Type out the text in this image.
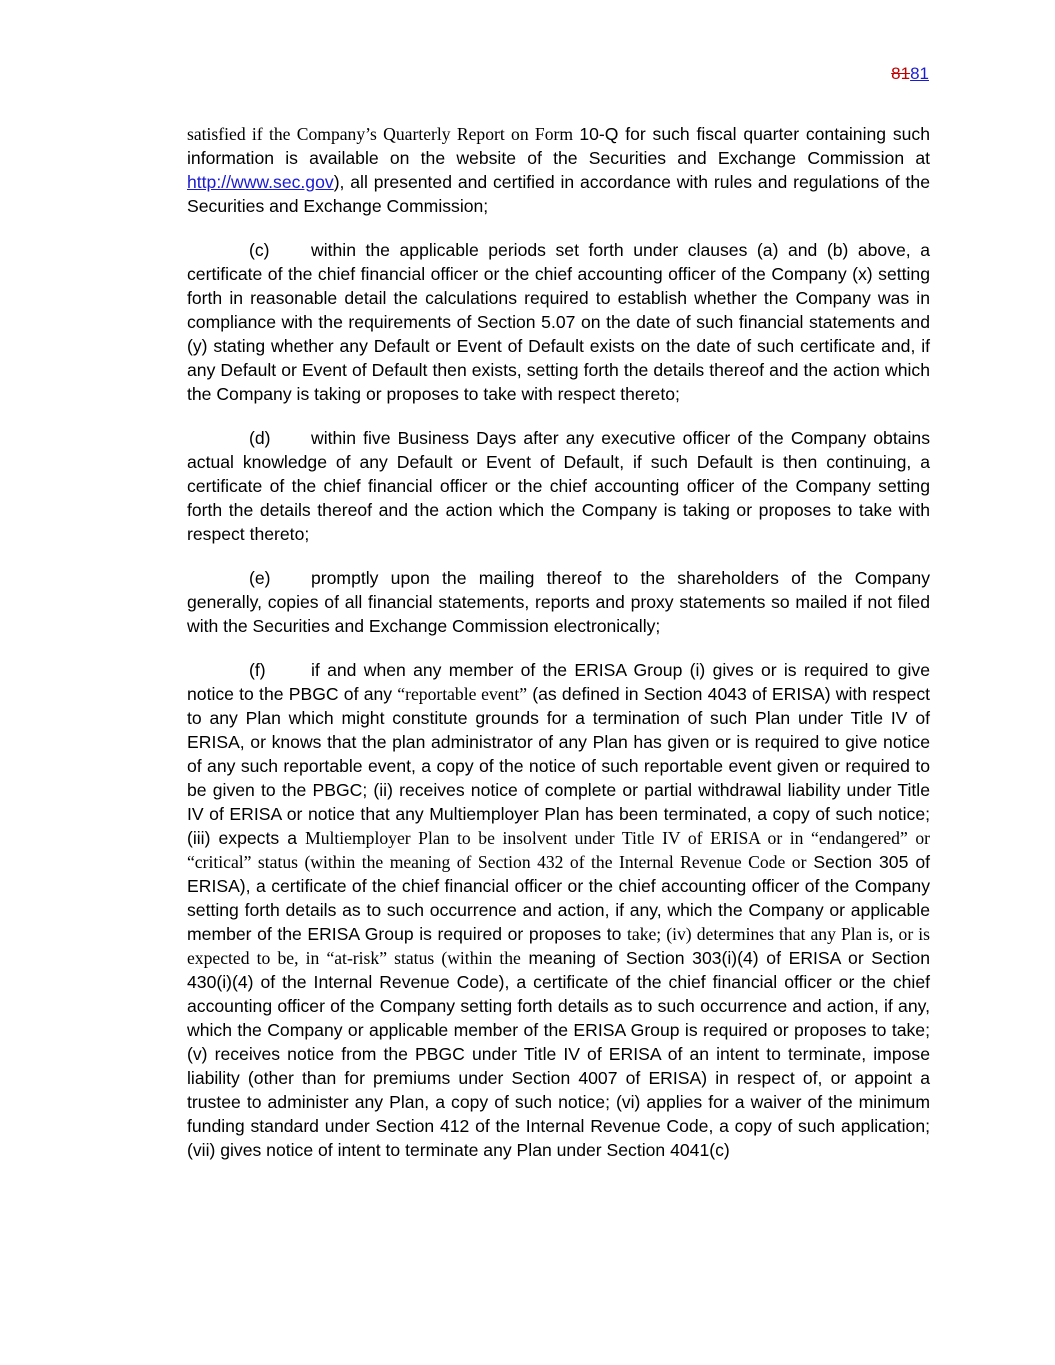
8181

satisfied if the Company’s Quarterly Report on Form 10-Q for such fiscal quarter containing such information is available on the website of the Securities and Exchange Commission at http://www.sec.gov), all presented and certified in accordance with rules and regulations of the Securities and Exchange Commission;

(c) within the applicable periods set forth under clauses (a) and (b) above, a certificate of the chief financial officer or the chief accounting officer of the Company (x) setting forth in reasonable detail the calculations required to establish whether the Company was in compliance with the requirements of Section 5.07 on the date of such financial statements and (y) stating whether any Default or Event of Default exists on the date of such certificate and, if any Default or Event of Default then exists, setting forth the details thereof and the action which the Company is taking or proposes to take with respect thereto;

(d) within five Business Days after any executive officer of the Company obtains actual knowledge of any Default or Event of Default, if such Default is then continuing, a certificate of the chief financial officer or the chief accounting officer of the Company setting forth the details thereof and the action which the Company is taking or proposes to take with respect thereto;

(e) promptly upon the mailing thereof to the shareholders of the Company generally, copies of all financial statements, reports and proxy statements so mailed if not filed with the Securities and Exchange Commission electronically;

(f)	if and when any member of the ERISA Group (i) gives or is required to give notice to the PBGC of any “reportable event” (as defined in Section 4043 of ERISA) with respect to any Plan which might constitute grounds for a termination of such Plan under Title IV of ERISA, or knows that the plan administrator of any Plan has given or is required to give notice of any such reportable event, a copy of the notice of such reportable event given or required to be given to the PBGC; (ii) receives notice of complete or partial withdrawal liability under Title IV of ERISA or notice that any Multiemployer Plan has been terminated, a copy of such notice; (iii) expects a Multiemployer Plan to be insolvent under Title IV of ERISA or in “endangered” or “critical” status (within the meaning of Section 432 of the Internal Revenue Code or Section 305 of ERISA), a certificate of the chief financial officer or the chief accounting officer of the Company setting forth details as to such occurrence and action, if any, which the Company or applicable member of the ERISA Group is required or proposes to take; (iv) determines that any Plan is, or is expected to be, in “at-risk” status (within the meaning of Section 303(i)(4) of ERISA or Section 430(i)(4) of the Internal Revenue Code), a certificate of the chief financial officer or the chief accounting officer of the Company setting forth details as to such occurrence and action, if any, which the Company or applicable member of the ERISA Group is required or proposes to take; (v) receives notice from the PBGC under Title IV of ERISA of an intent to terminate, impose liability (other than for premiums under Section 4007 of ERISA) in respect of, or appoint a trustee to administer any Plan, a copy of such notice; (vi) applies for a waiver of the minimum funding standard under Section 412 of the Internal Revenue Code, a copy of such application; (vii) gives notice of intent to terminate any Plan under Section 4041(c)
